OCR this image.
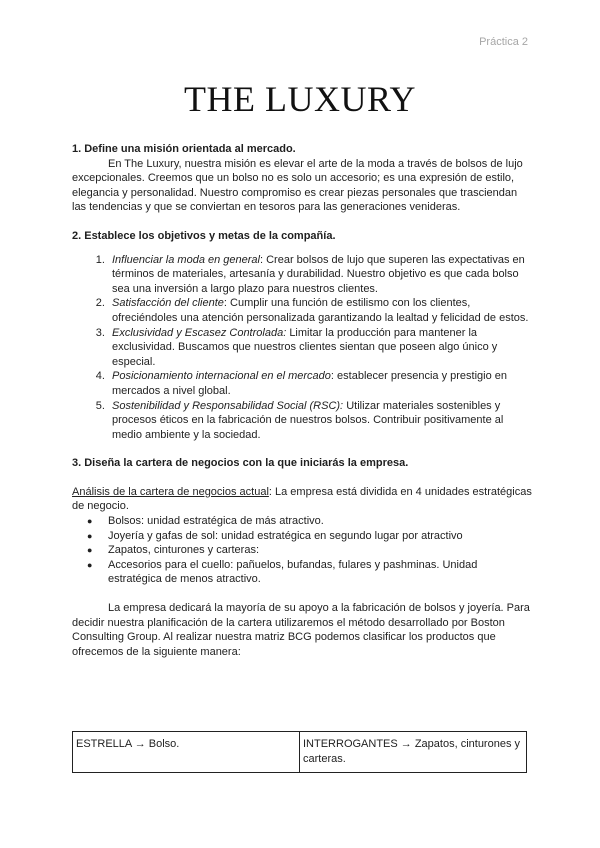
Práctica 2
THE LUXURY
1. Define una misión orientada al mercado.

En The Luxury, nuestra misión es elevar el arte de la moda a través de bolsos de lujo excepcionales. Creemos que un bolso no es solo un accesorio; es una expresión de estilo, elegancia y personalidad. Nuestro compromiso es crear piezas personales que trasciendan las tendencias y que se conviertan en tesoros para las generaciones venideras.

2. Establece los objetivos y metas de la compañía.
1. Influenciar la moda en general: Crear bolsos de lujo que superen las expectativas en términos de materiales, artesanía y durabilidad. Nuestro objetivo es que cada bolso sea una inversión a largo plazo para nuestros clientes.
2. Satisfacción del cliente: Cumplir una función de estilismo con los clientes, ofreciéndoles una atención personalizada garantizando la lealtad y felicidad de estos.
3. Exclusividad y Escasez Controlada: Limitar la producción para mantener la exclusividad. Buscamos que nuestros clientes sientan que poseen algo único y especial.
4. Posicionamiento internacional en el mercado: establecer presencia y prestigio en mercados a nivel global.
5. Sostenibilidad y Responsabilidad Social (RSC): Utilizar materiales sostenibles y procesos éticos en la fabricación de nuestros bolsos. Contribuir positivamente al medio ambiente y la sociedad.
3. Diseña la cartera de negocios con la que iniciarás la empresa.

Análisis de la cartera de negocios actual: La empresa está dividida en 4 unidades estratégicas de negocio.

● Bolsos: unidad estratégica de más atractivo.
● Joyería y gafas de sol: unidad estratégica en segundo lugar por atractivo
● Zapatos, cinturones y carteras:
● Accesorios para el cuello: pañuelos, bufandas, fulares y pashminas. Unidad estratégica de menos atractivo.

La empresa dedicará la mayoría de su apoyo a la fabricación de bolsos y joyería. Para decidir nuestra planificación de la cartera utilizaremos el método desarrollado por Boston Consulting Group. Al realizar nuestra matriz BCG podemos clasificar los productos que ofrecemos de la siguiente manera:

ESTRELLA → Bolso.	INTERROGANTES → Zapatos, cinturones y carteras.
